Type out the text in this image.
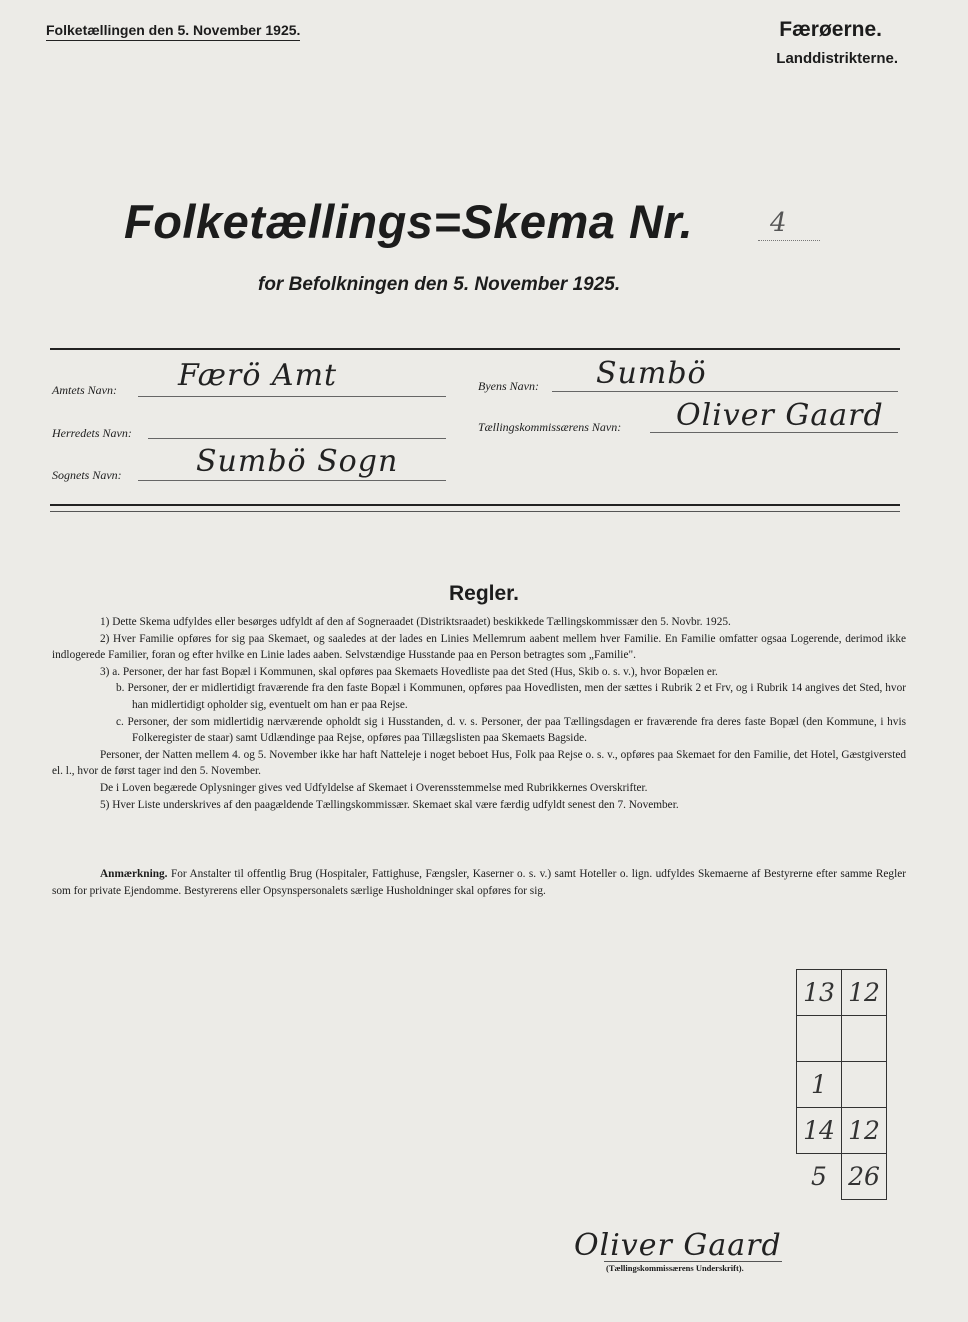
Folketællingen den 5. November 1925.	Færøerne.
Landdistrikterne.
Folketællings=Skema Nr.	4
for Befolkningen den 5. November 1925.
Amtets Navn: Færö Amt
Herredets Navn:
Sognets Navn: Sumbö Sogn
Byens Navn: Sumbö
Tællingskommissærens Navn: Oliver Gaard
Regler.

1) Dette Skema udfyldes eller besørges udfyldt af den af Sogneraadet (Distriktsraadet) beskikkede Tællingskommissær den 5. Novbr. 1925.

2) Hver Familie opføres for sig paa Skemaet, og saaledes at der lades en Linies Mellemrum aabent mellem hver Familie. En Familie omfatter ogsaa Logerende, derimod ikke indlogerede Familier, foran og efter hvilke en Linie lades aaben. Selvstændige Husstande paa en Person betragtes som „Familie".

3) a. Personer, der har fast Bopæl i Kommunen, skal opføres paa Skemaets Hovedliste paa det Sted (Hus, Skib o. s. v.), hvor Bopælen er.

b. Personer, der er midlertidigt fraværende fra den faste Bopæl i Kommunen, opføres paa Hovedlisten, men der sættes i Rubrik 2 et Frv, og i Rubrik 14 angives det Sted, hvor han midlertidigt opholder sig, eventuelt om han er paa Rejse.

c. Personer, der som midlertidig nærværende opholdt sig i Husstanden, d. v. s. Personer, der paa Tællingsdagen er fraværende fra deres faste Bopæl (den Kommune, i hvis Folkeregister de staar) samt Udlændinge paa Rejse, opføres paa Tillægslisten paa Skemaets Bagside.

Personer, der Natten mellem 4. og 5. November ikke har haft Natteleje i noget beboet Hus, Folk paa Rejse o. s. v., opføres paa Skemaet for den Familie, det Hotel, Gæstgiversted el. l., hvor de først tager ind den 5. November.

De i Loven begærede Oplysninger gives ved Udfyldelse af Skemaet i Overensstemmelse med Rubrikkernes Overskrifter.

5) Hver Liste underskrives af den paagældende Tællingskommissær. Skemaet skal være færdig udfyldt senest den 7. November.

Anmærkning. For Anstalter til offentlig Brug (Hospitaler, Fattighuse, Fængsler, Kaserner o. s. v.) samt Hoteller o. lign. udfyldes Skemaerne af Bestyrerne efter samme Regler som for private Ejendomme. Bestyrerens eller Opsynspersonalets særlige Husholdninger skal opføres for sig.
13	12

1	
14	12
5	26
Oliver Gaard
(Tællingskommissærens Underskrift).
